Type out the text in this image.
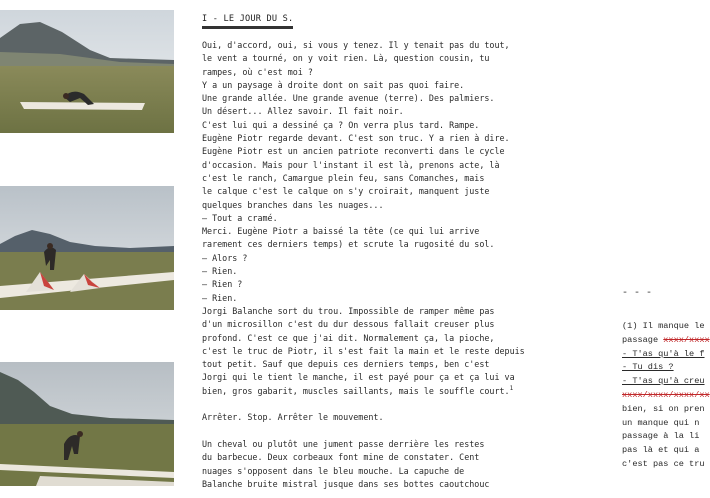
I - LE JOUR DU S.
Oui, d'accord, oui, si vous y tenez. Il y tenait pas du tout,
le vent a tourné, on y voit rien. Là, question cousin, tu
rampes, où c'est moi ?
Y a un paysage à droite dont on sait pas quoi faire.
Une grande allée. Une grande avenue (terre). Des palmiers.
Un désert... Allez savoir. Il fait noir.
C'est lui qui a dessiné ça ? On verra plus tard. Rampe.
Eugène Piotr regarde devant. C'est son truc. Y a rien à dire.
Eugène Piotr est un ancien patriote reconverti dans le cycle
d'occasion. Mais pour l'instant il est là, prenons acte, là
c'est le ranch, Camargue plein feu, sans Comanches, mais
le calque c'est le calque on s'y croirait, manquent juste
quelques branches dans les nuages...
— Tout a cramé.
Merci. Eugène Piotr a baissé la tête (ce qui lui arrive
rarement ces derniers temps) et scrute la rugosité du sol.
— Alors ?
— Rien.
— Rien ?
— Rien.
Jorgi Balanche sort du trou. Impossible de ramper même pas
d'un microsillon c'est du dur dessous fallait creuser plus
profond. C'est ce que j'ai dit. Normalement ça, la pioche,
c'est le truc de Piotr, il s'est fait la main et le reste depuis
tout petit. Sauf que depuis ces derniers temps, ben c'est
Jorgi qui le tient le manche, il est payé pour ça et ça lui va
bien, gros gabarit, muscles saillants, mais le souffle court.$^1$
Arrêter. Stop. Arrêter le mouvement.
Un cheval ou plutôt une jument passe derrière les restes
du barbecue. Deux corbeaux font mine de constater. Cent
nuages s'opposent dans le bleu mouche. La capuche de
Balanche bruite mistral jusque dans ses bottes caoutchouc
- - -
(1) Il manque le
passage xxxx/xxxx
- T'as qu'à le f
- Tu dis ?
- T'as qu'à creu
xxxx/xxxx/xxxx/xx
bien, si on pren
un manque qui n
passage à la li
pas là et qui a
c'est pas ce tru
